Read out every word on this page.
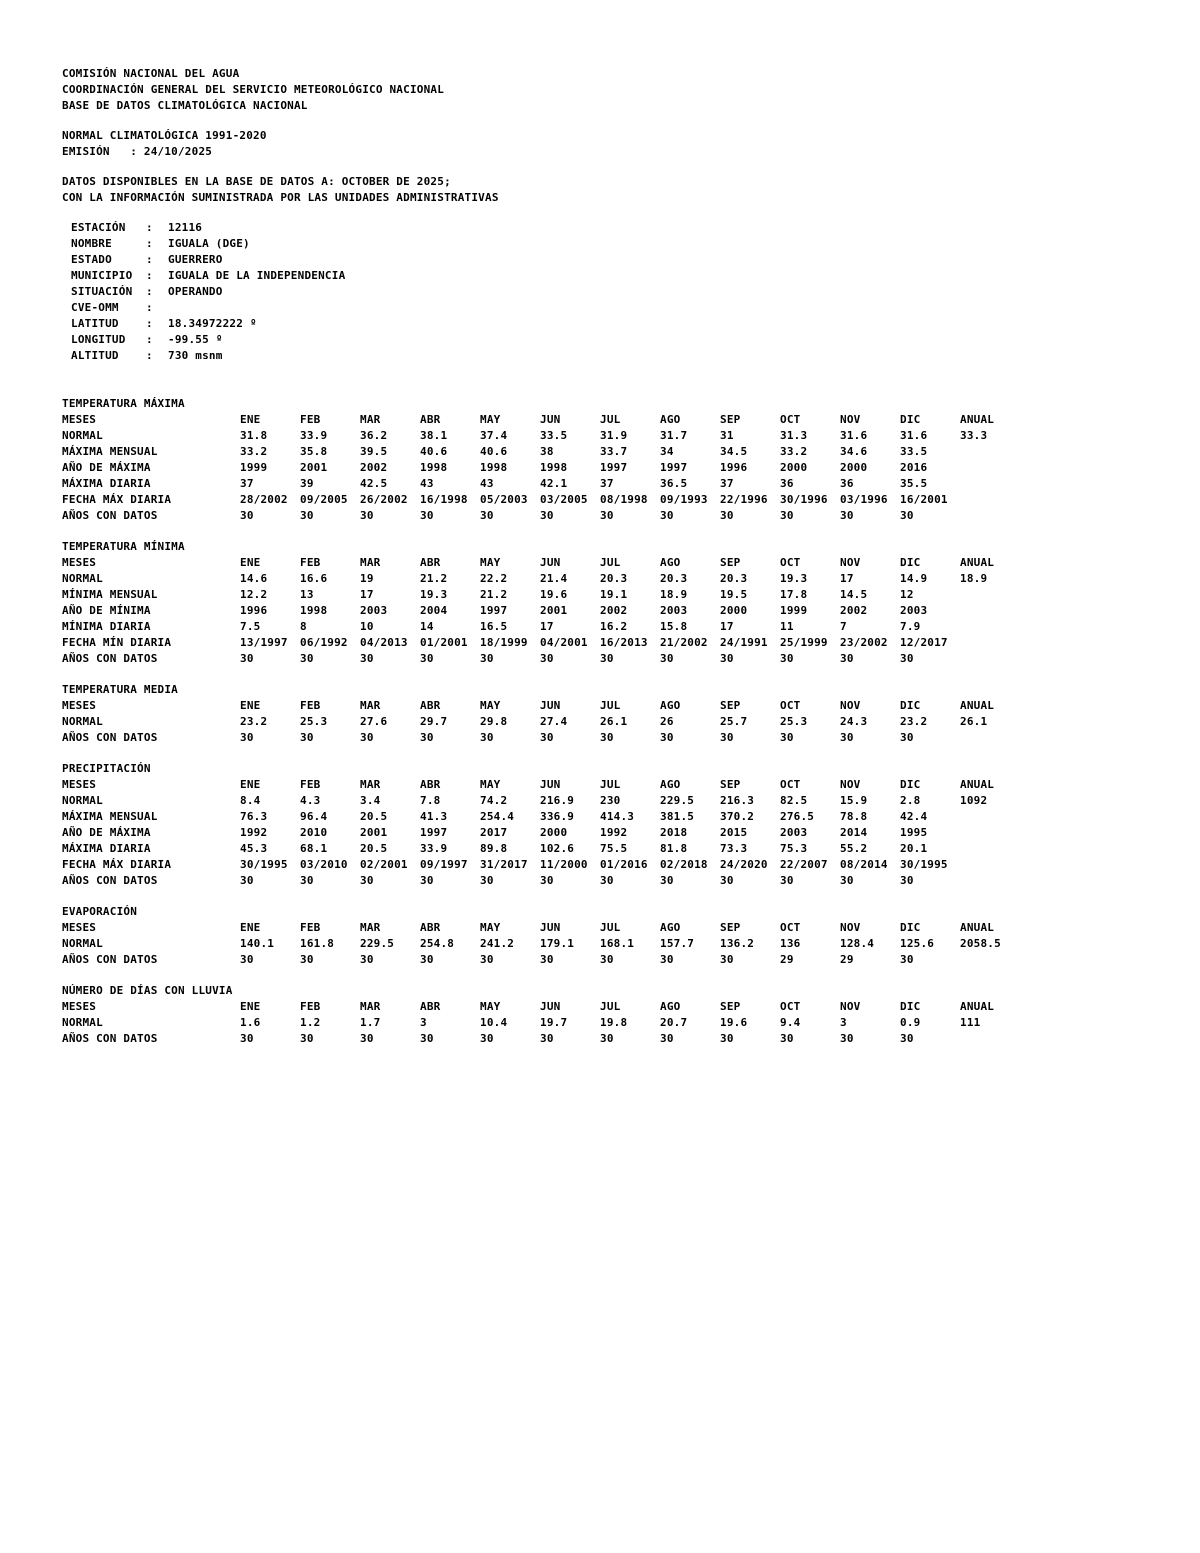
COMISIÓN NACIONAL DEL AGUA
COORDINACIÓN GENERAL DEL SERVICIO METEOROLÓGICO NACIONAL
BASE DE DATOS CLIMATOLÓGICA NACIONAL
NORMAL CLIMATOLÓGICA 1991-2020
EMISIÓN   : 24/10/2025
DATOS DISPONIBLES EN LA BASE DE DATOS A: OCTOBER DE 2025;
CON LA INFORMACIÓN SUMINISTRADA POR LAS UNIDADES ADMINISTRATIVAS
ESTACIÓN	:	12116
NOMBRE	:	IGUALA (DGE)
ESTADO	:	GUERRERO
MUNICIPIO	:	IGUALA DE LA INDEPENDENCIA
SITUACIÓN	:	OPERANDO
CVE-OMM	:
LATITUD	:	18.34972222 º
LONGITUD	:	-99.55 º
ALTITUD	:	730 msnm
TEMPERATURA MÁXIMA
MESES	ENE	FEB	MAR	ABR	MAY	JUN	JUL	AGO	SEP	OCT	NOV	DIC	ANUAL
NORMAL	31.8	33.9	36.2	38.1	37.4	33.5	31.9	31.7	31	31.3	31.6	31.6	33.3
MÁXIMA MENSUAL	33.2	35.8	39.5	40.6	40.6	38	33.7	34	34.5	33.2	34.6	33.5	
AÑO DE MÁXIMA	1999	2001	2002	1998	1998	1998	1997	1997	1996	2000	2000	2016	
MÁXIMA DIARIA	37	39	42.5	43	43	42.1	37	36.5	37	36	36	35.5	
FECHA MÁX DIARIA	28/2002	09/2005	26/2002	16/1998	05/2003	03/2005	08/1998	09/1993	22/1996	30/1996	03/1996	16/2001	
AÑOS CON DATOS	30	30	30	30	30	30	30	30	30	30	30	30	
TEMPERATURA MÍNIMA
MESES	ENE	FEB	MAR	ABR	MAY	JUN	JUL	AGO	SEP	OCT	NOV	DIC	ANUAL
NORMAL	14.6	16.6	19	21.2	22.2	21.4	20.3	20.3	20.3	19.3	17	14.9	18.9
MÍNIMA MENSUAL	12.2	13	17	19.3	21.2	19.6	19.1	18.9	19.5	17.8	14.5	12	
AÑO DE MÍNIMA	1996	1998	2003	2004	1997	2001	2002	2003	2000	1999	2002	2003	
MÍNIMA DIARIA	7.5	8	10	14	16.5	17	16.2	15.8	17	11	7	7.9	
FECHA MÍN DIARIA	13/1997	06/1992	04/2013	01/2001	18/1999	04/2001	16/2013	21/2002	24/1991	25/1999	23/2002	12/2017	
AÑOS CON DATOS	30	30	30	30	30	30	30	30	30	30	30	30	
TEMPERATURA MEDIA
MESES	ENE	FEB	MAR	ABR	MAY	JUN	JUL	AGO	SEP	OCT	NOV	DIC	ANUAL
NORMAL	23.2	25.3	27.6	29.7	29.8	27.4	26.1	26	25.7	25.3	24.3	23.2	26.1
AÑOS CON DATOS	30	30	30	30	30	30	30	30	30	30	30	30	
PRECIPITACIÓN
MESES	ENE	FEB	MAR	ABR	MAY	JUN	JUL	AGO	SEP	OCT	NOV	DIC	ANUAL
NORMAL	8.4	4.3	3.4	7.8	74.2	216.9	230	229.5	216.3	82.5	15.9	2.8	1092
MÁXIMA MENSUAL	76.3	96.4	20.5	41.3	254.4	336.9	414.3	381.5	370.2	276.5	78.8	42.4	
AÑO DE MÁXIMA	1992	2010	2001	1997	2017	2000	1992	2018	2015	2003	2014	1995	
MÁXIMA DIARIA	45.3	68.1	20.5	33.9	89.8	102.6	75.5	81.8	73.3	75.3	55.2	20.1	
FECHA MÁX DIARIA	30/1995	03/2010	02/2001	09/1997	31/2017	11/2000	01/2016	02/2018	24/2020	22/2007	08/2014	30/1995	
AÑOS CON DATOS	30	30	30	30	30	30	30	30	30	30	30	30	
EVAPORACIÓN
MESES	ENE	FEB	MAR	ABR	MAY	JUN	JUL	AGO	SEP	OCT	NOV	DIC	ANUAL
NORMAL	140.1	161.8	229.5	254.8	241.2	179.1	168.1	157.7	136.2	136	128.4	125.6	2058.5
AÑOS CON DATOS	30	30	30	30	30	30	30	30	30	29	29	30	
NÚMERO DE DÍAS CON LLUVIA
MESES	ENE	FEB	MAR	ABR	MAY	JUN	JUL	AGO	SEP	OCT	NOV	DIC	ANUAL
NORMAL	1.6	1.2	1.7	3	10.4	19.7	19.8	20.7	19.6	9.4	3	0.9	111
AÑOS CON DATOS	30	30	30	30	30	30	30	30	30	30	30	30	
